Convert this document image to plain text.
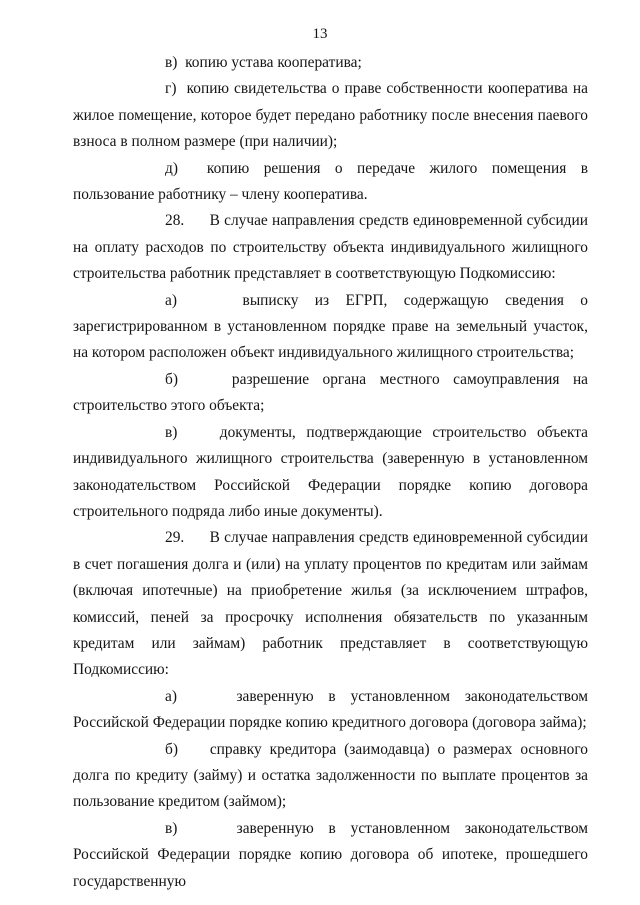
13

в) копию устава кооператива;

г) копию свидетельства о праве собственности кооператива на жилое помещение, которое будет передано работнику после внесения паевого взноса в полном размере (при наличии);

д) копию решения о передаче жилого помещения в пользование работнику – члену кооператива.

28. В случае направления средств единовременной субсидии на оплату расходов по строительству объекта индивидуального жилищного строительства работник представляет в соответствующую Подкомиссию:

а)	выписку из ЕГРП, содержащую сведения о зарегистрированном в установленном порядке праве на земельный участок, на котором расположен объект индивидуального жилищного строительства;

б)	разрешение органа местного самоуправления на строительство этого объекта;

в)	документы, подтверждающие строительство объекта индивидуального жилищного строительства (заверенную в установленном законодательством Российской Федерации порядке копию договора строительного подряда либо иные документы).

29. В случае направления средств единовременной субсидии в счет погашения долга и (или) на уплату процентов по кредитам или займам (включая ипотечные) на приобретение жилья (за исключением штрафов, комиссий, пеней за просрочку исполнения обязательств по указанным кредитам или займам) работник представляет в соответствующую Подкомиссию:

а)	заверенную в установленном законодательством Российской Федерации порядке копию кредитного договора (договора займа);

б) справку кредитора (заимодавца) о размерах основного долга по кредиту (займу) и остатка задолженности по выплате процентов за пользование кредитом (займом);

в)	заверенную в установленном законодательством Российской Федерации порядке копию договора об ипотеке, прошедшего государственную
